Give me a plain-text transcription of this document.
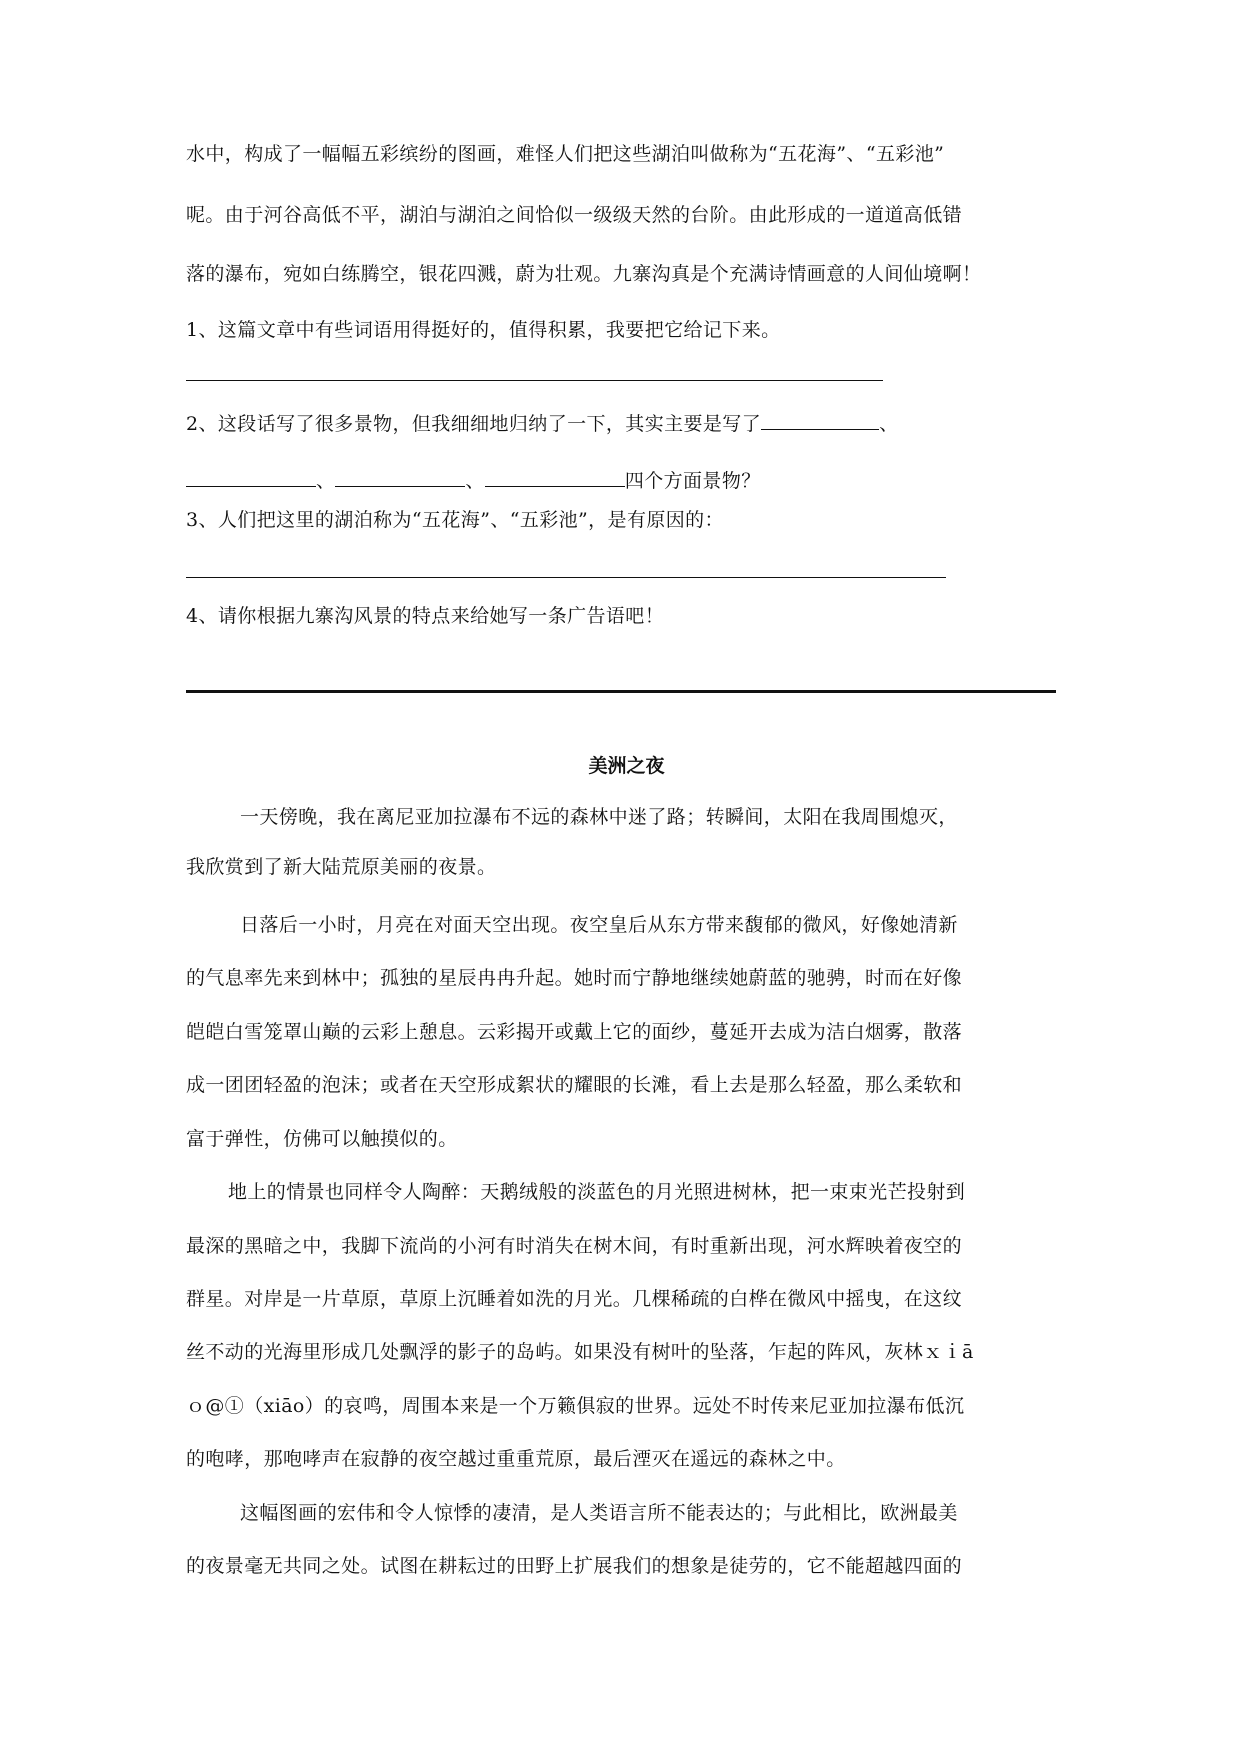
水中，构成了一幅幅五彩缤纷的图画，难怪人们把这些湖泊叫做称为“五花海”、“五彩池”
呢。由于河谷高低不平，湖泊与湖泊之间恰似一级级天然的台阶。由此形成的一道道高低错
落的瀑布，宛如白练腾空，银花四溅，蔚为壮观。九寨沟真是个充满诗情画意的人间仙境啊！
1、这篇文章中有些词语用得挺好的，值得积累，我要把它给记下来。
2、这段话写了很多景物，但我细细地归纳了一下，其实主要是写了	、
、	、	四个方面景物？
3、人们把这里的湖泊称为“五花海”、“五彩池”，是有原因的：
4、请你根据九寨沟风景的特点来给她写一条广告语吧！
美洲之夜
一天傍晚，我在离尼亚加拉瀑布不远的森林中迷了路；转瞬间，太阳在我周围熄灭，
我欣赏到了新大陆荒原美丽的夜景。
日落后一小时，月亮在对面天空出现。夜空皇后从东方带来馥郁的微风，好像她清新
的气息率先来到林中；孤独的星辰冉冉升起。她时而宁静地继续她蔚蓝的驰骋，时而在好像
皑皑白雪笼罩山巅的云彩上憩息。云彩揭开或戴上它的面纱，蔓延开去成为洁白烟雾，散落
成一团团轻盈的泡沫；或者在天空形成絮状的耀眼的长滩，看上去是那么轻盈，那么柔软和
富于弹性，仿佛可以触摸似的。
地上的情景也同样令人陶醉：天鹅绒般的淡蓝色的月光照进树林，把一束束光芒投射到
最深的黑暗之中，我脚下流尚的小河有时消失在树木间，有时重新出现，河水辉映着夜空的
群星。对岸是一片草原，草原上沉睡着如洗的月光。几棵稀疏的白桦在微风中摇曳，在这纹
丝不动的光海里形成几处飘浮的影子的岛屿。如果没有树叶的坠落，乍起的阵风，灰林ｘｉā
ｏ@①（xiāo）的哀鸣，周围本来是一个万籁俱寂的世界。远处不时传来尼亚加拉瀑布低沉
的咆哮，那咆哮声在寂静的夜空越过重重荒原，最后湮灭在遥远的森林之中。
这幅图画的宏伟和令人惊悸的凄清，是人类语言所不能表达的；与此相比，欧洲最美
的夜景毫无共同之处。试图在耕耘过的田野上扩展我们的想象是徒劳的，它不能超越四面的
